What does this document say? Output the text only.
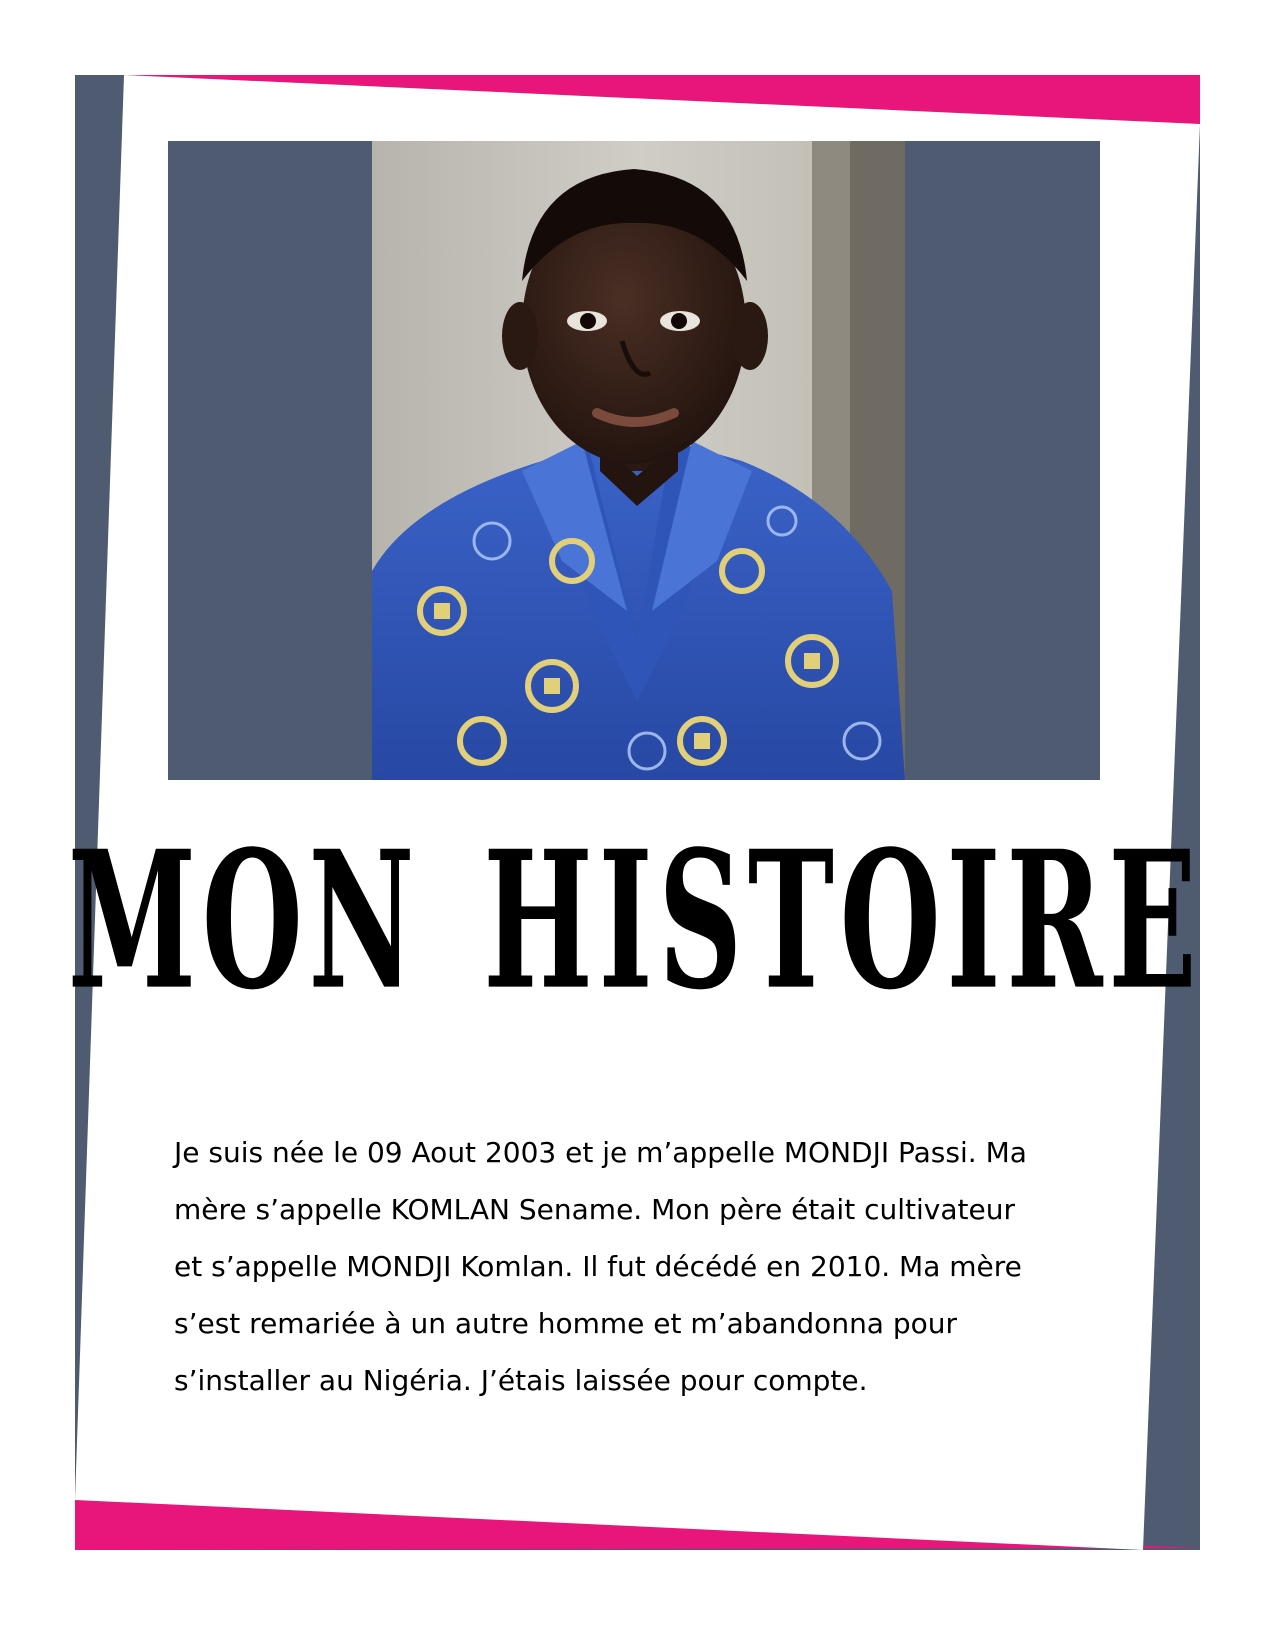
MON HISTOIRE

Je suis née le 09 Aout 2003 et je m’appelle MONDJI Passi. Ma
mère s’appelle KOMLAN Sename. Mon père était cultivateur
et s’appelle MONDJI Komlan. Il fut décédé en 2010. Ma mère
s’est remariée à un autre homme et m’abandonna pour
s’installer au Nigéria. J’étais laissée pour compte.
